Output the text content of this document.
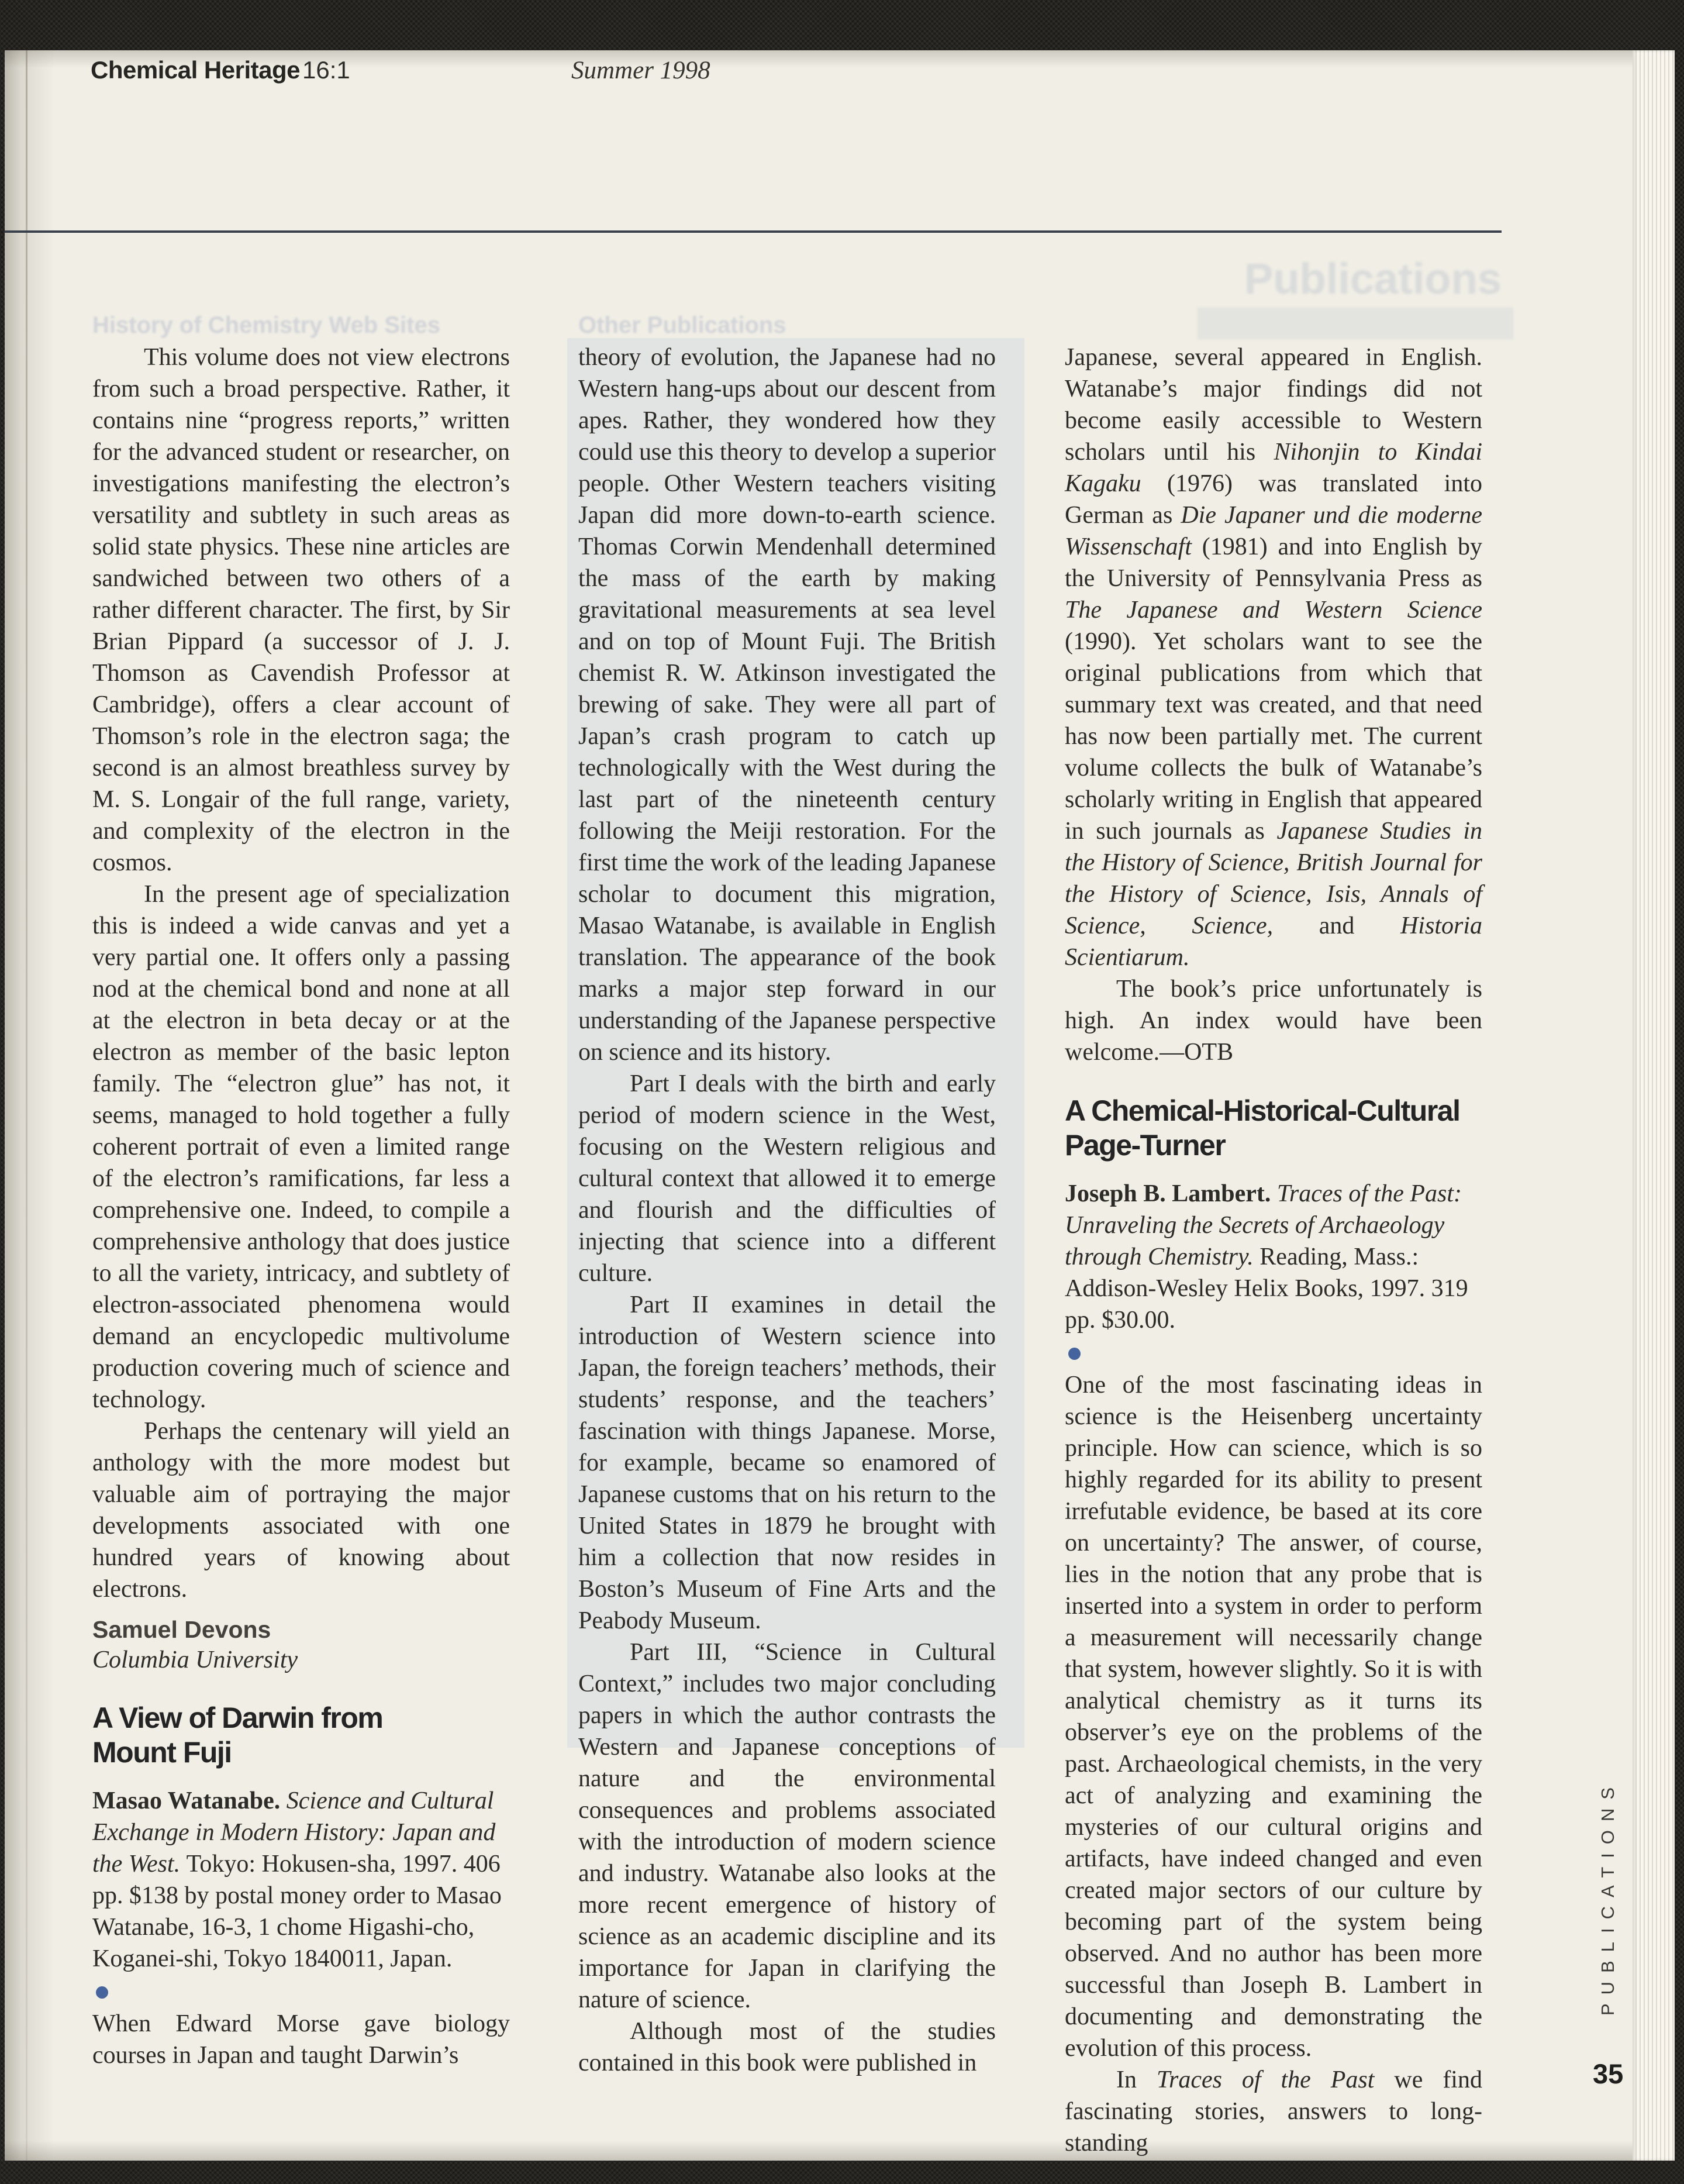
Chemical Heritage 16:1	Summer 1998
Publications
History of Chemistry Web Sites	Other Publications

This volume does not view electrons from such a broad perspective. Rather, it contains nine “progress reports,” written for the advanced student or researcher, on investigations manifesting the electron’s versatility and subtlety in such areas as solid state physics. These nine articles are sandwiched between two others of a rather different character. The first, by Sir Brian Pippard (a successor of J. J. Thomson as Cavendish Professor at Cambridge), offers a clear account of Thomson’s role in the electron saga; the second is an almost breathless survey by M. S. Longair of the full range, variety, and complexity of the electron in the cosmos.

In the present age of specialization this is indeed a wide canvas and yet a very partial one. It offers only a passing nod at the chemical bond and none at all at the electron in beta decay or at the electron as member of the basic lepton family. The “electron glue” has not, it seems, managed to hold together a fully coherent portrait of even a limited range of the electron’s ramifications, far less a comprehensive one. Indeed, to compile a comprehensive anthology that does justice to all the variety, intricacy, and subtlety of electron-associated phenomena would demand an encyclopedic multivolume production covering much of science and technology.

Perhaps the centenary will yield an anthology with the more modest but valuable aim of portraying the major developments associated with one hundred years of knowing about electrons.

Samuel Devons
Columbia University
A View of Darwin from
Mount Fuji
Masao Watanabe. Science and Cultural Exchange in Modern History: Japan and the West. Tokyo: Hokusen-sha, 1997. 406 pp. $138 by postal money order to Masao Watanabe, 16-3, 1 chome Higashi-cho, Koganei-shi, Tokyo 1840011, Japan.

When Edward Morse gave biology courses in Japan and taught Darwin’s

theory of evolution, the Japanese had no Western hang-ups about our descent from apes. Rather, they wondered how they could use this theory to develop a superior people. Other Western teachers visiting Japan did more down-to-earth science. Thomas Corwin Mendenhall determined the mass of the earth by making gravitational measurements at sea level and on top of Mount Fuji. The British chemist R. W. Atkinson investigated the brewing of sake. They were all part of Japan’s crash program to catch up technologically with the West during the last part of the nineteenth century following the Meiji restoration. For the first time the work of the leading Japanese scholar to document this migration, Masao Watanabe, is available in English translation. The appearance of the book marks a major step forward in our understanding of the Japanese perspective on science and its history.

Part I deals with the birth and early period of modern science in the West, focusing on the Western religious and cultural context that allowed it to emerge and flourish and the difficulties of injecting that science into a different culture.

Part II examines in detail the introduction of Western science into Japan, the foreign teachers’ methods, their students’ response, and the teachers’ fascination with things Japanese. Morse, for example, became so enamored of Japanese customs that on his return to the United States in 1879 he brought with him a collection that now resides in Boston’s Museum of Fine Arts and the Peabody Museum.

Part III, “Science in Cultural Context,” includes two major concluding papers in which the author contrasts the Western and Japanese conceptions of nature and the environmental consequences and problems associated with the introduction of modern science and industry. Watanabe also looks at the more recent emergence of history of science as an academic discipline and its importance for Japan in clarifying the nature of science.

Although most of the studies contained in this book were published in

Japanese, several appeared in English. Watanabe’s major findings did not become easily accessible to Western scholars until his Nihonjin to Kindai Kagaku (1976) was translated into German as Die Japaner und die moderne Wissenschaft (1981) and into English by the University of Pennsylvania Press as The Japanese and Western Science (1990). Yet scholars want to see the original publications from which that summary text was created, and that need has now been partially met. The current volume collects the bulk of Watanabe’s scholarly writing in English that appeared in such journals as Japanese Studies in the History of Science, British Journal for the History of Science, Isis, Annals of Science, Science, and Historia Scientiarum.

The book’s price unfortunately is high. An index would have been welcome.—OTB

A Chemical-Historical-Cultural
Page-Turner
Joseph B. Lambert. Traces of the Past: Unraveling the Secrets of Archaeology through Chemistry. Reading, Mass.: Addison-Wesley Helix Books, 1997. 319 pp. $30.00.

One of the most fascinating ideas in science is the Heisenberg uncertainty principle. How can science, which is so highly regarded for its ability to present irrefutable evidence, be based at its core on uncertainty? The answer, of course, lies in the notion that any probe that is inserted into a system in order to perform a measurement will necessarily change that system, however slightly. So it is with analytical chemistry as it turns its observer’s eye on the problems of the past. Archaeological chemists, in the very act of analyzing and examining the mysteries of our cultural origins and artifacts, have indeed changed and even created major sectors of our culture by becoming part of the system being observed. And no author has been more successful than Joseph B. Lambert in documenting and demonstrating the evolution of this process.

In Traces of the Past we find fascinating stories, answers to long-standing

PUBLICATIONS
35
